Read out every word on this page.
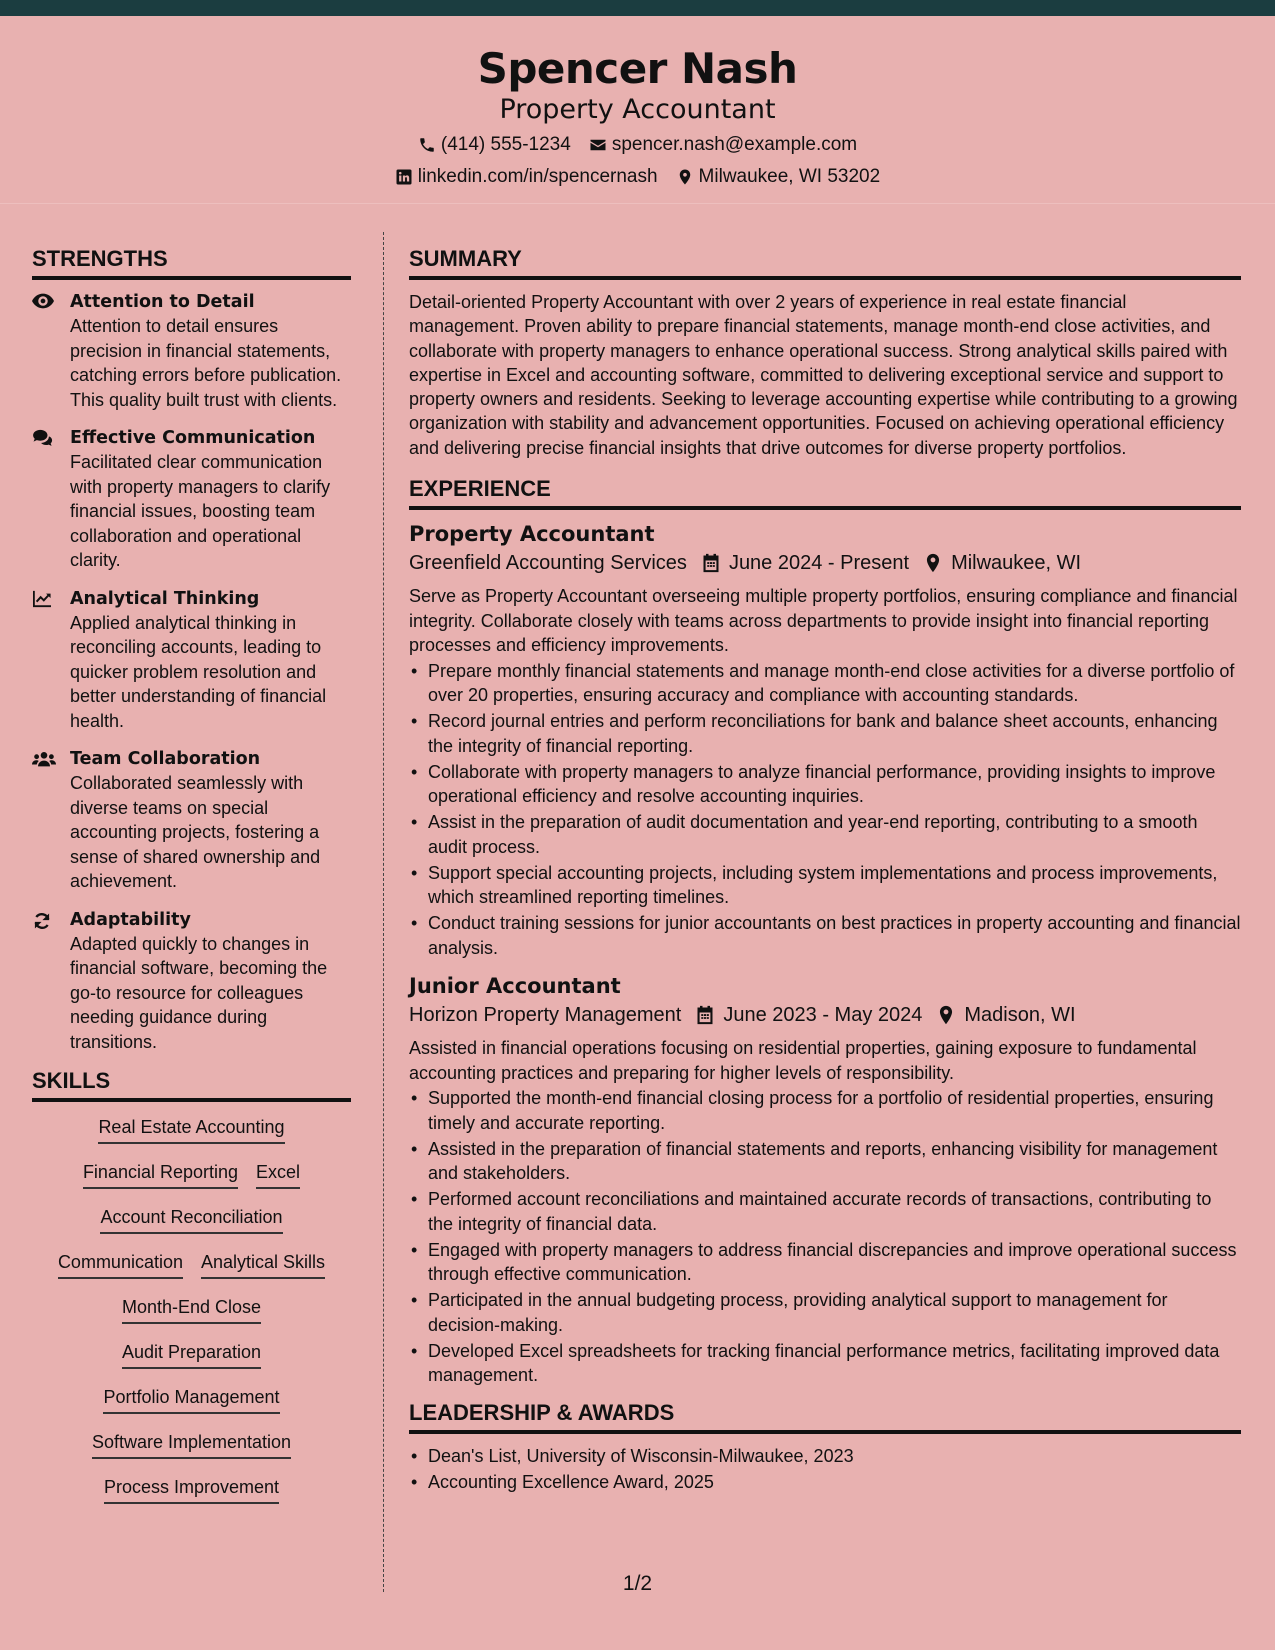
Spencer Nash
Property Accountant
(414) 555-1234 spencer.nash@example.com
linkedin.com/in/spencernash Milwaukee, WI 53202
STRENGTHS
Attention to Detail
Attention to detail ensures precision in financial statements, catching errors before publication. This quality built trust with clients.
Effective Communication
Facilitated clear communication with property managers to clarify financial issues, boosting team collaboration and operational clarity.
Analytical Thinking
Applied analytical thinking in reconciling accounts, leading to quicker problem resolution and better understanding of financial health.
Team Collaboration
Collaborated seamlessly with diverse teams on special accounting projects, fostering a sense of shared ownership and achievement.
Adaptability
Adapted quickly to changes in financial software, becoming the go-to resource for colleagues needing guidance during transitions.
SKILLS
Real Estate Accounting
Financial Reporting Excel
Account Reconciliation
Communication Analytical Skills
Month-End Close
Audit Preparation
Portfolio Management
Software Implementation
Process Improvement
SUMMARY
Detail-oriented Property Accountant with over 2 years of experience in real estate financial management. Proven ability to prepare financial statements, manage month-end close activities, and collaborate with property managers to enhance operational success. Strong analytical skills paired with expertise in Excel and accounting software, committed to delivering exceptional service and support to property owners and residents. Seeking to leverage accounting expertise while contributing to a growing organization with stability and advancement opportunities. Focused on achieving operational efficiency and delivering precise financial insights that drive outcomes for diverse property portfolios.
EXPERIENCE
Property Accountant
Greenfield Accounting Services June 2024 - Present Milwaukee, WI
Serve as Property Accountant overseeing multiple property portfolios, ensuring compliance and financial integrity. Collaborate closely with teams across departments to provide insight into financial reporting processes and efficiency improvements.
• Prepare monthly financial statements and manage month-end close activities for a diverse portfolio of over 20 properties, ensuring accuracy and compliance with accounting standards.
• Record journal entries and perform reconciliations for bank and balance sheet accounts, enhancing the integrity of financial reporting.
• Collaborate with property managers to analyze financial performance, providing insights to improve operational efficiency and resolve accounting inquiries.
• Assist in the preparation of audit documentation and year-end reporting, contributing to a smooth audit process.
• Support special accounting projects, including system implementations and process improvements, which streamlined reporting timelines.
• Conduct training sessions for junior accountants on best practices in property accounting and financial analysis.
Junior Accountant
Horizon Property Management June 2023 - May 2024 Madison, WI
Assisted in financial operations focusing on residential properties, gaining exposure to fundamental accounting practices and preparing for higher levels of responsibility.
• Supported the month-end financial closing process for a portfolio of residential properties, ensuring timely and accurate reporting.
• Assisted in the preparation of financial statements and reports, enhancing visibility for management and stakeholders.
• Performed account reconciliations and maintained accurate records of transactions, contributing to the integrity of financial data.
• Engaged with property managers to address financial discrepancies and improve operational success through effective communication.
• Participated in the annual budgeting process, providing analytical support to management for decision-making.
• Developed Excel spreadsheets for tracking financial performance metrics, facilitating improved data management.
LEADERSHIP & AWARDS
• Dean's List, University of Wisconsin-Milwaukee, 2023
• Accounting Excellence Award, 2025
1/2
